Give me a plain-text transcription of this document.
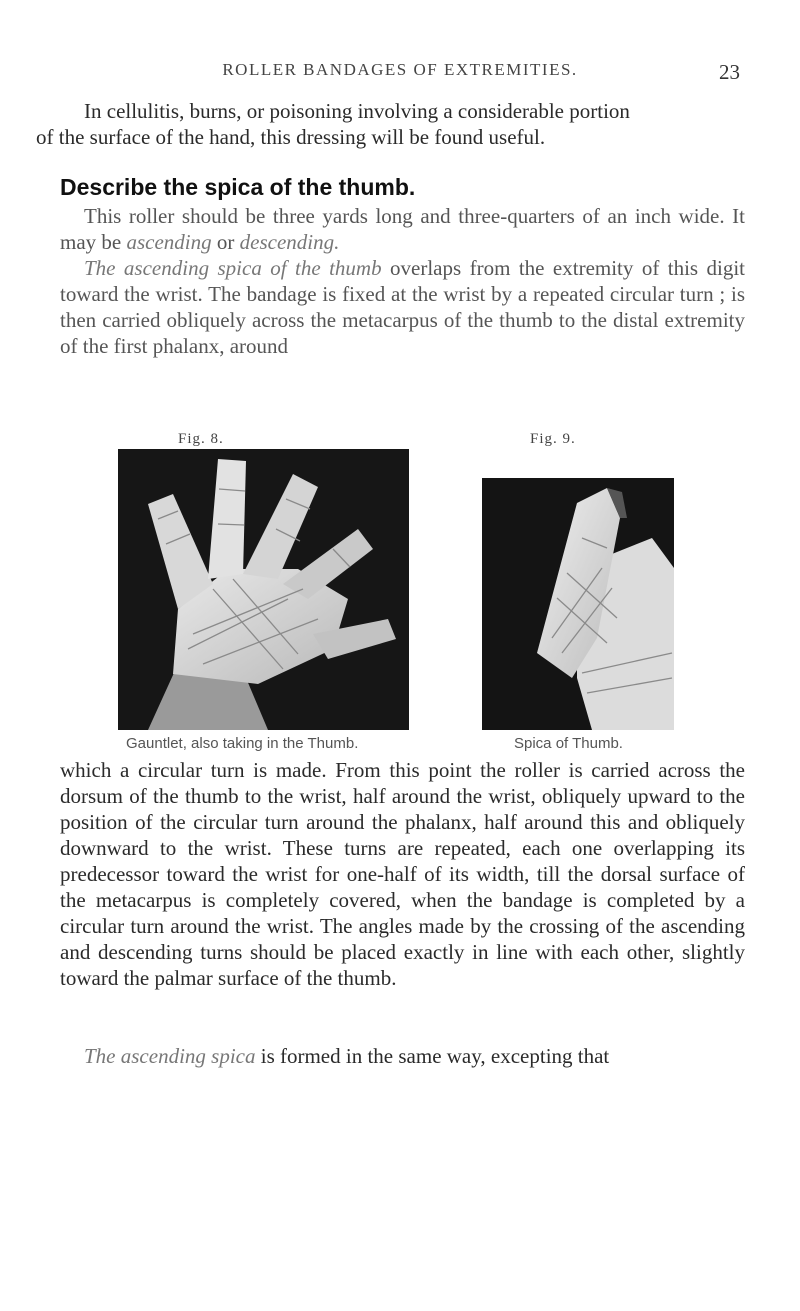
ROLLER BANDAGES OF EXTREMITIES.	23

In cellulitis, burns, or poisoning involving a considerable portion
of the surface of the hand, this dressing will be found useful.

Describe the spica of the thumb.

This roller should be three yards long and three-quarters of an inch wide. It may be ascending or descending.

The ascending spica of the thumb overlaps from the extremity of this digit toward the wrist. The bandage is fixed at the wrist by a repeated circular turn ; is then carried obliquely across the metacarpus of the thumb to the distal extremity of the first phalanx, around

Fig. 8.
Gauntlet, also taking in the Thumb.
Fig. 9.
Spica of Thumb.

which a circular turn is made. From this point the roller is carried across the dorsum of the thumb to the wrist, half around the wrist, obliquely upward to the position of the circular turn around the phalanx, half around this and obliquely downward to the wrist. These turns are repeated, each one overlapping its predecessor toward the wrist for one-half of its width, till the dorsal surface of the metacarpus is completely covered, when the bandage is completed by a circular turn around the wrist. The angles made by the crossing of the ascending and descending turns should be placed exactly in line with each other, slightly toward the palmar surface of the thumb.

The ascending spica is formed in the same way, excepting that
